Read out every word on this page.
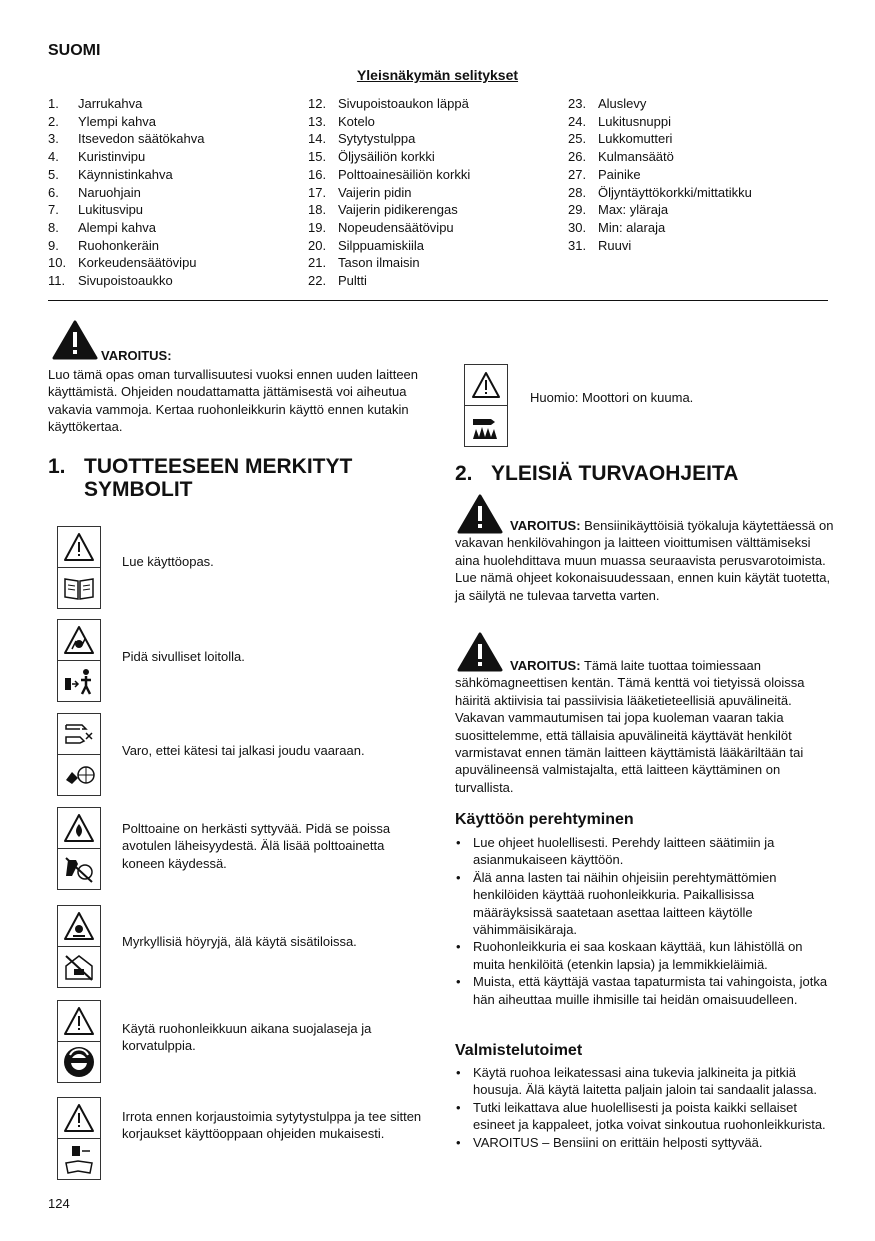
SUOMI
Yleisnäkymän selitykset
1.	Jarrukahva
2.	Ylempi kahva
3.	Itsevedon säätökahva
4.	Kuristinvipu
5.	Käynnistinkahva
6.	Naruohjain
7.	Lukitusvipu
8.	Alempi kahva
9.	Ruohonkeräin
10. Korkeudensäätövipu
11. Sivupoistoaukko
12. Sivupoistoaukon läppä
13. Kotelo
14. Sytytystulppa
15. Öljysäiliön korkki
16. Polttoainesäiliön korkki
17. Vaijerin pidin
18. Vaijerin pidikerengas
19. Nopeudensäätövipu
20. Silppuamiskiila
21. Tason ilmaisin
22. Pultti
23. Aluslevy
24. Lukitusnuppi
25. Lukkomutteri
26. Kulmansäätö
27. Painike
28. Öljyntäyttökorkki/mittatikku
29. Max: yläraja
30. Min: alaraja
31. Ruuvi
VAROITUS:
Luo tämä opas oman turvallisuutesi vuoksi ennen uuden laitteen käyttämistä. Ohjeiden noudattamatta jättämisestä voi aiheutua vakavia vammoja. Kertaa ruohonleikkurin käyttö ennen kutakin käyttökertaa.
Huomio: Moottori on kuuma.
1. TUOTTEESEEN MERKITYT
SYMBOLIT
Lue käyttöopas.
Pidä sivulliset loitolla.
Varo, ettei kätesi tai jalkasi joudu vaaraan.
Polttoaine on herkästi syttyvää. Pidä se poissa avotulen läheisyydestä. Älä lisää polttoainetta koneen käydessä.
Myrkyllisiä höyryjä, älä käytä sisätiloissa.
Käytä ruohonleikkuun aikana suojalaseja ja korvatulppia.
Irrota ennen korjaustoimia sytytystulppa ja tee sitten korjaukset käyttöoppaan ohjeiden mukaisesti.
2. YLEISIÄ TURVAOHJEITA
VAROITUS: Bensiinikäyttöisiä työkaluja käytettäessä on vakavan henkilövahingon ja laitteen vioittumisen välttämiseksi aina huolehdittava muun muassa seuraavista perusvarotoimista. Lue nämä ohjeet kokonaisuudessaan, ennen kuin käytät tuotetta, ja säilytä ne tulevaa tarvetta varten.
VAROITUS: Tämä laite tuottaa toimiessaan sähkömagneettisen kentän. Tämä kenttä voi tietyissä oloissa häiritä aktiivisia tai passiivisia lääketieteellisiä apuvälineitä. Vakavan vammautumisen tai jopa kuoleman vaaran takia suosittelemme, että tällaisia apuvälineitä käyttävät henkilöt varmistavat ennen tämän laitteen käyttämistä lääkäriltään tai apuvälineensä valmistajalta, että laitteen käyttäminen on turvallista.
Käyttöön perehtyminen
• Lue ohjeet huolellisesti. Perehdy laitteen säätimiin ja asianmukaiseen käyttöön.
• Älä anna lasten tai näihin ohjeisiin perehtymättömien henkilöiden käyttää ruohonleikkuria. Paikallisissa määräyksissä saatetaan asettaa laitteen käytölle vähimmäisikäraja.
• Ruohonleikkuria ei saa koskaan käyttää, kun lähistöllä on muita henkilöitä (etenkin lapsia) ja lemmikkieläimiä.
• Muista, että käyttäjä vastaa tapaturmista tai vahingoista, jotka hän aiheuttaa muille ihmisille tai heidän omaisuudelleen.
Valmistelutoimet
• Käytä ruohoa leikatessasi aina tukevia jalkineita ja pitkiä housuja. Älä käytä laitetta paljain jaloin tai sandaalit jalassa.
• Tutki leikattava alue huolellisesti ja poista kaikki sellaiset esineet ja kappaleet, jotka voivat sinkoutua ruohonleikkurista.
• VAROITUS – Bensiini on erittäin helposti syttyvää.
124
